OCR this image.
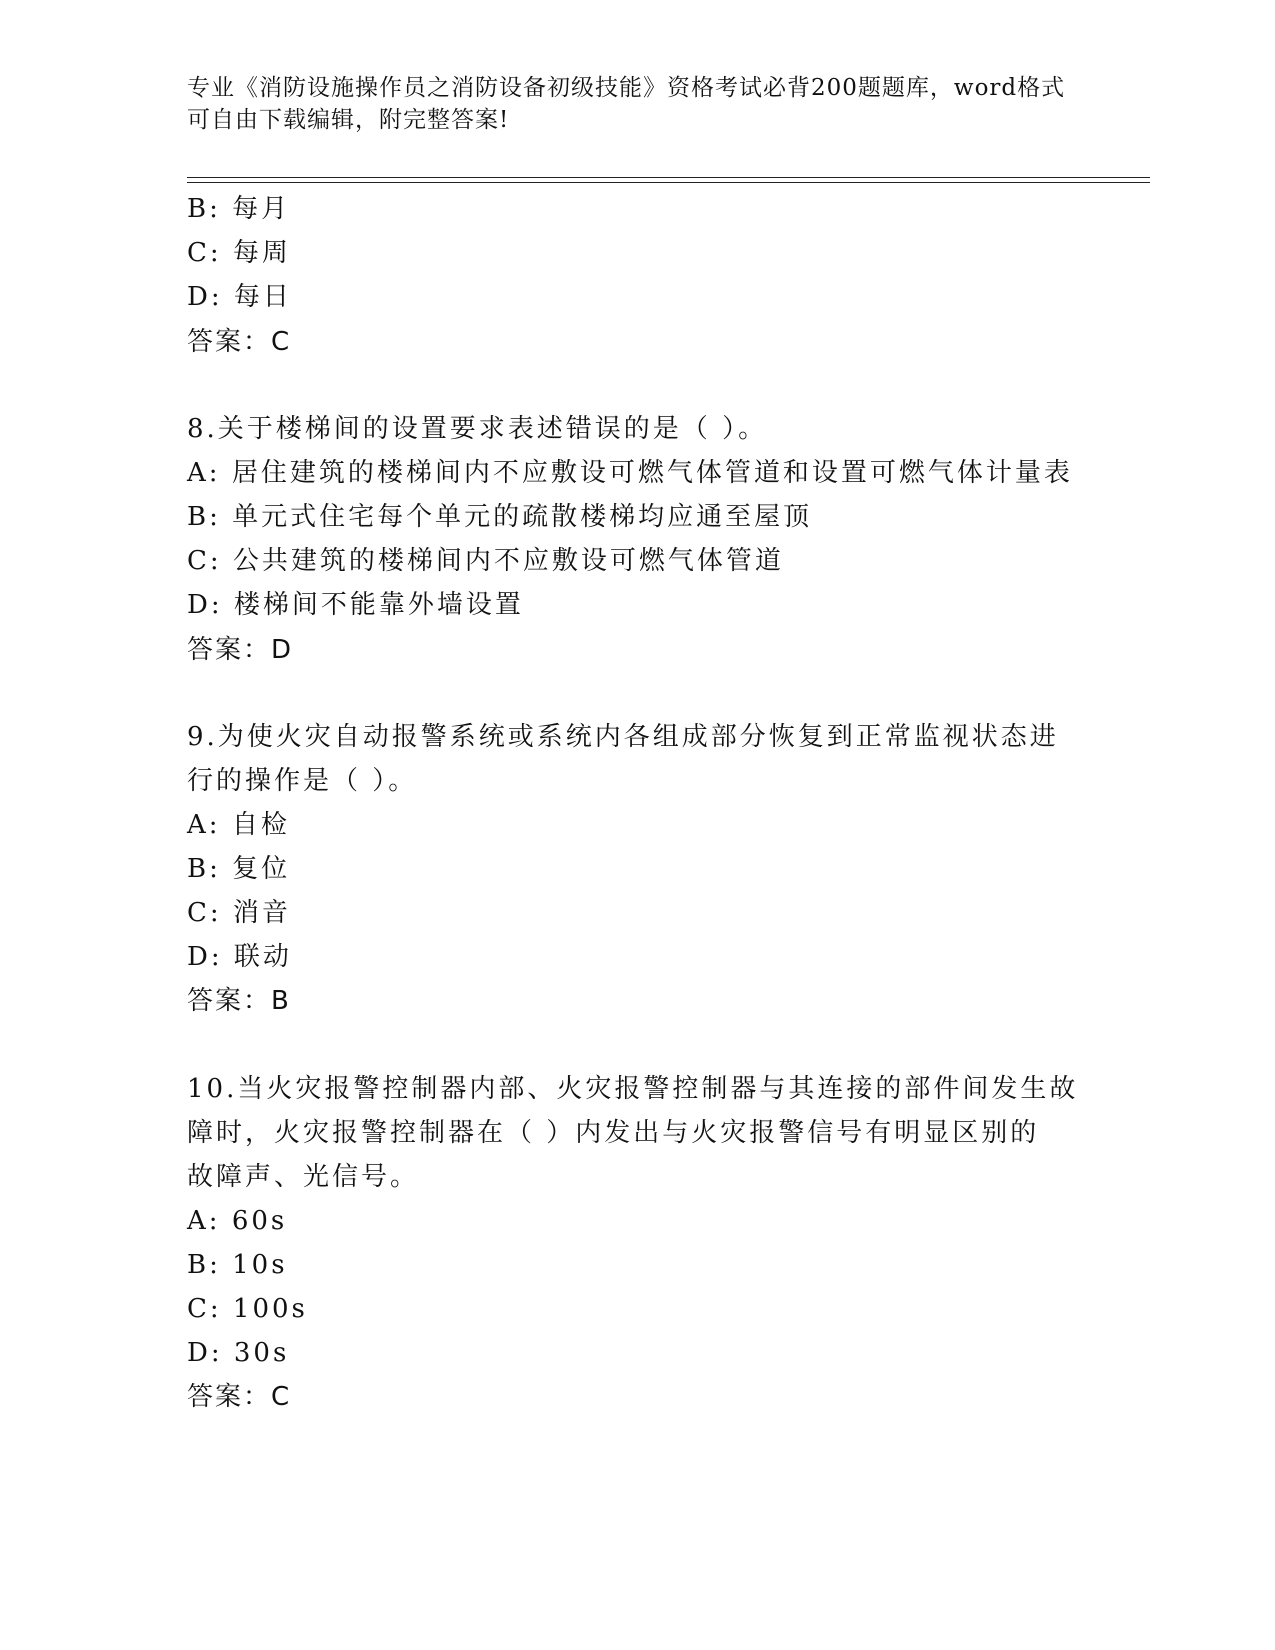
专业《消防设施操作员之消防设备初级技能》资格考试必背200题题库，word格式可自由下载编辑，附完整答案!
B: 每月
C: 每周
D: 每日
答案：C
8.关于楼梯间的设置要求表述错误的是（ ）。
A: 居住建筑的楼梯间内不应敷设可燃气体管道和设置可燃气体计量表
B: 单元式住宅每个单元的疏散楼梯均应通至屋顶
C: 公共建筑的楼梯间内不应敷设可燃气体管道
D: 楼梯间不能靠外墙设置
答案：D
9.为使火灾自动报警系统或系统内各组成部分恢复到正常监视状态进
行的操作是（ ）。
A: 自检
B: 复位
C: 消音
D: 联动
答案：B
10.当火灾报警控制器内部、火灾报警控制器与其连接的部件间发生故
障时，火灾报警控制器在（ ）内发出与火灾报警信号有明显区别的
故障声、光信号。
A: 60s
B: 10s
C: 100s
D: 30s
答案：C
